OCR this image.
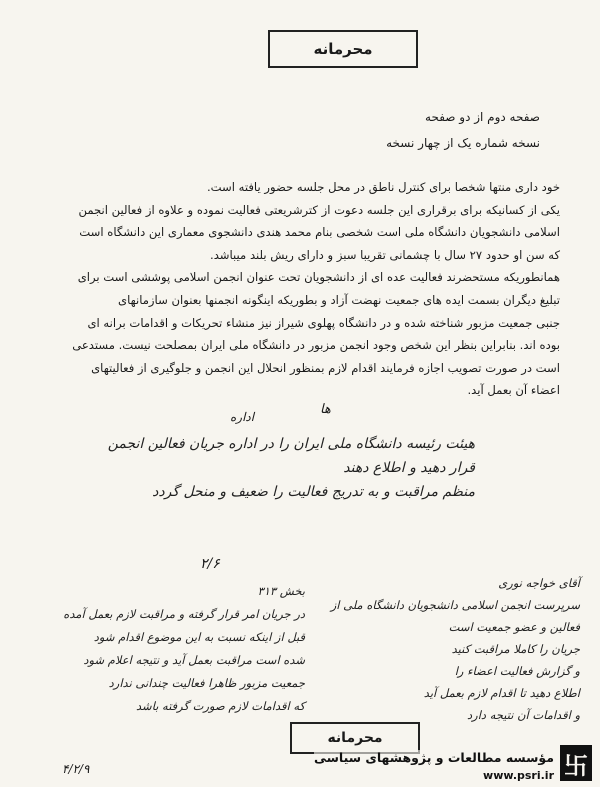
محرمانه
صفحه دوم از دو صفحه
نسخه شماره یک از چهار نسخه

خود داری منتها شخصا برای کنترل ناطق در محل جلسه حضور یافته است.

یکی از کسانیکه برای برقراری این جلسه دعوت از کترشریعتی فعالیت نموده و علاوه از فعالین انجمن

اسلامی دانشجویان دانشگاه ملی است شخصی بنام محمد هندی دانشجوی معماری این دانشگاه است

که سن او حدود ۲۷ سال با چشمانی تقریبا سبز و دارای ریش بلند میباشد.

همانطوریکه مستحضرند فعالیت عده ای از دانشجویان تحت عنوان انجمن اسلامی پوششی است برای

تبلیغ دیگران بسمت ایده های جمعیت نهضت آزاد و بطوریکه اینگونه انجمنها بعنوان سازمانهای

جنبی جمعیت مزبور شناخته شده و در دانشگاه پهلوی شیراز نیز منشاء تحریکات و اقدامات برانه ای

بوده اند. بنابراین بنظر این شخص وجود انجمن مزبور در دانشگاه ملی ایران بمصلحت نیست. مستدعی

است در صورت تصویب اجازه فرمایند اقدام لازم بمنظور انحلال این انجمن و جلوگیری از فعالیتهای

اعضاء آن بعمل آید.

ها
اداره
هیئت رئیسه دانشگاه ملی ایران را در اداره جریان فعالین انجمن
قرار دهید و اطلاع دهند
منظم مراقبت و به تدریج فعالیت را ضعیف و منحل گردد
۲/۶
بخش ۳۱۳
در جریان امر قرار گرفته و مراقبت لازم بعمل آمده
قبل از اینکه نسبت به این موضوع اقدام شود
شده است مراقبت بعمل آید و نتیجه اعلام شود
جمعیت مزبور ظاهرا فعالیت چندانی ندارد
که اقدامات لازم صورت گرفته باشد
۴/۲/۹
آقای خواجه نوری
سرپرست انجمن اسلامی دانشجویان دانشگاه ملی از فعالین و عضو جمعیت است
جریان را کاملا مراقبت کنید
و گزارش فعالیت اعضاء را
اطلاع دهید تا اقدام لازم بعمل آید
و اقدامات آن نتیجه دارد
محرمانه
مؤسسه مطالعات و پژوهشهای سیاسی
www.psri.ir 卐
